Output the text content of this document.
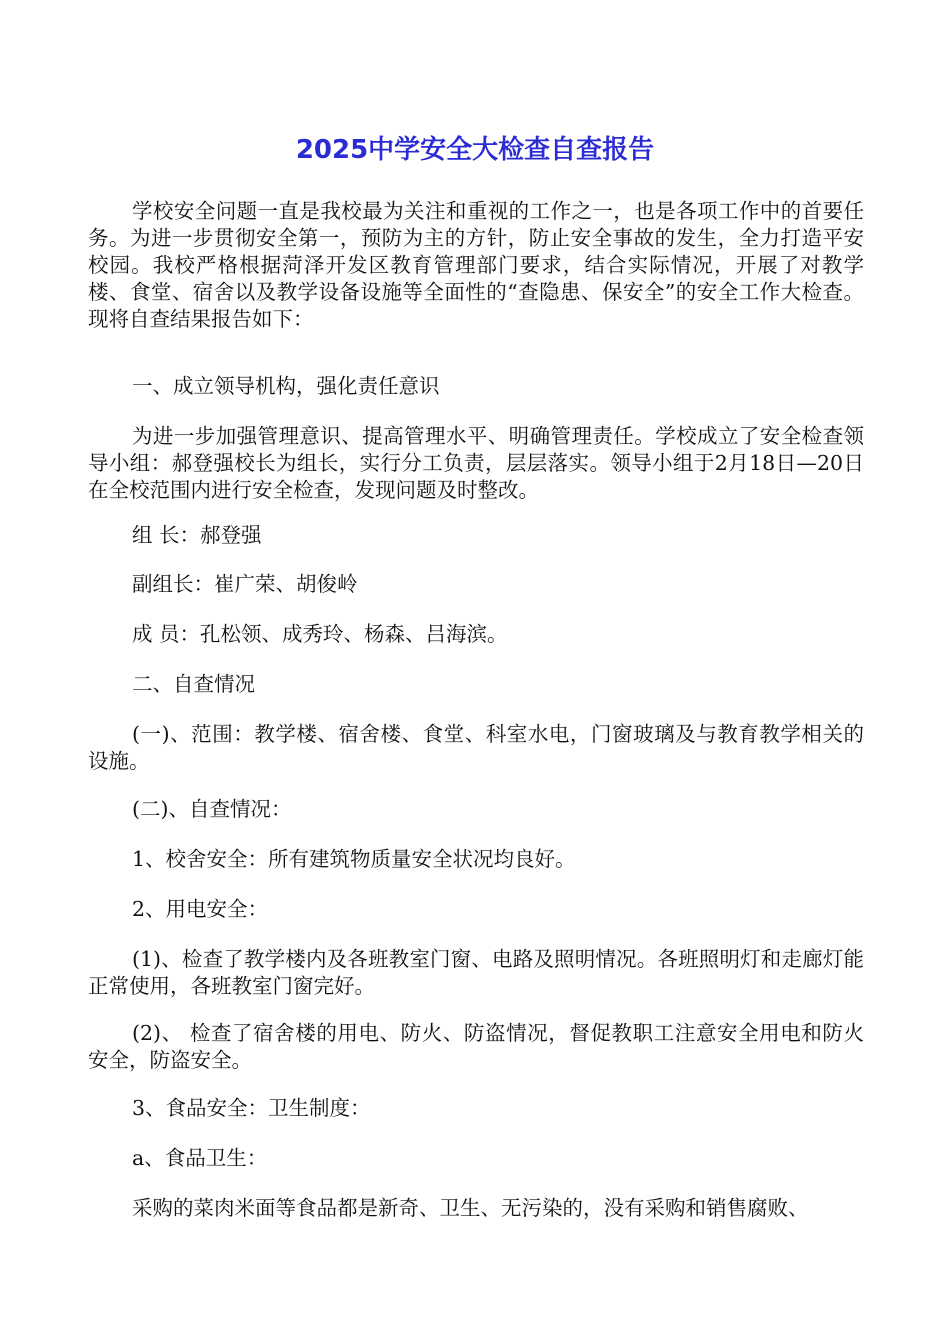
2025中学安全大检查自查报告

学校安全问题一直是我校最为关注和重视的工作之一，也是各项工作中的首要任务。为进一步贯彻安全第一，预防为主的方针，防止安全事故的发生，全力打造平安校园。我校严格根据菏泽开发区教育管理部门要求，结合实际情况，开展了对教学楼、食堂、宿舍以及教学设备设施等全面性的“查隐患、保安全”的安全工作大检查。现将自查结果报告如下：

一、成立领导机构，强化责任意识

为进一步加强管理意识、提高管理水平、明确管理责任。学校成立了安全检查领导小组：郝登强校长为组长，实行分工负责，层层落实。领导小组于2月18日—20日在全校范围内进行安全检查，发现问题及时整改。

组 长：郝登强

副组长：崔广荣、胡俊岭

成 员：孔松领、成秀玲、杨森、吕海滨。

二、自查情况

(一)、范围：教学楼、宿舍楼、食堂、科室水电，门窗玻璃及与教育教学相关的设施。

(二)、自查情况：

1、校舍安全：所有建筑物质量安全状况均良好。

2、用电安全：

(1)、检查了教学楼内及各班教室门窗、电路及照明情况。各班照明灯和走廊灯能正常使用，各班教室门窗完好。

(2)、 检查了宿舍楼的用电、防火、防盗情况，督促教职工注意安全用电和防火安全，防盗安全。

3、食品安全：卫生制度：

a、食品卫生：

采购的菜肉米面等食品都是新奇、卫生、无污染的，没有采购和销售腐败、
